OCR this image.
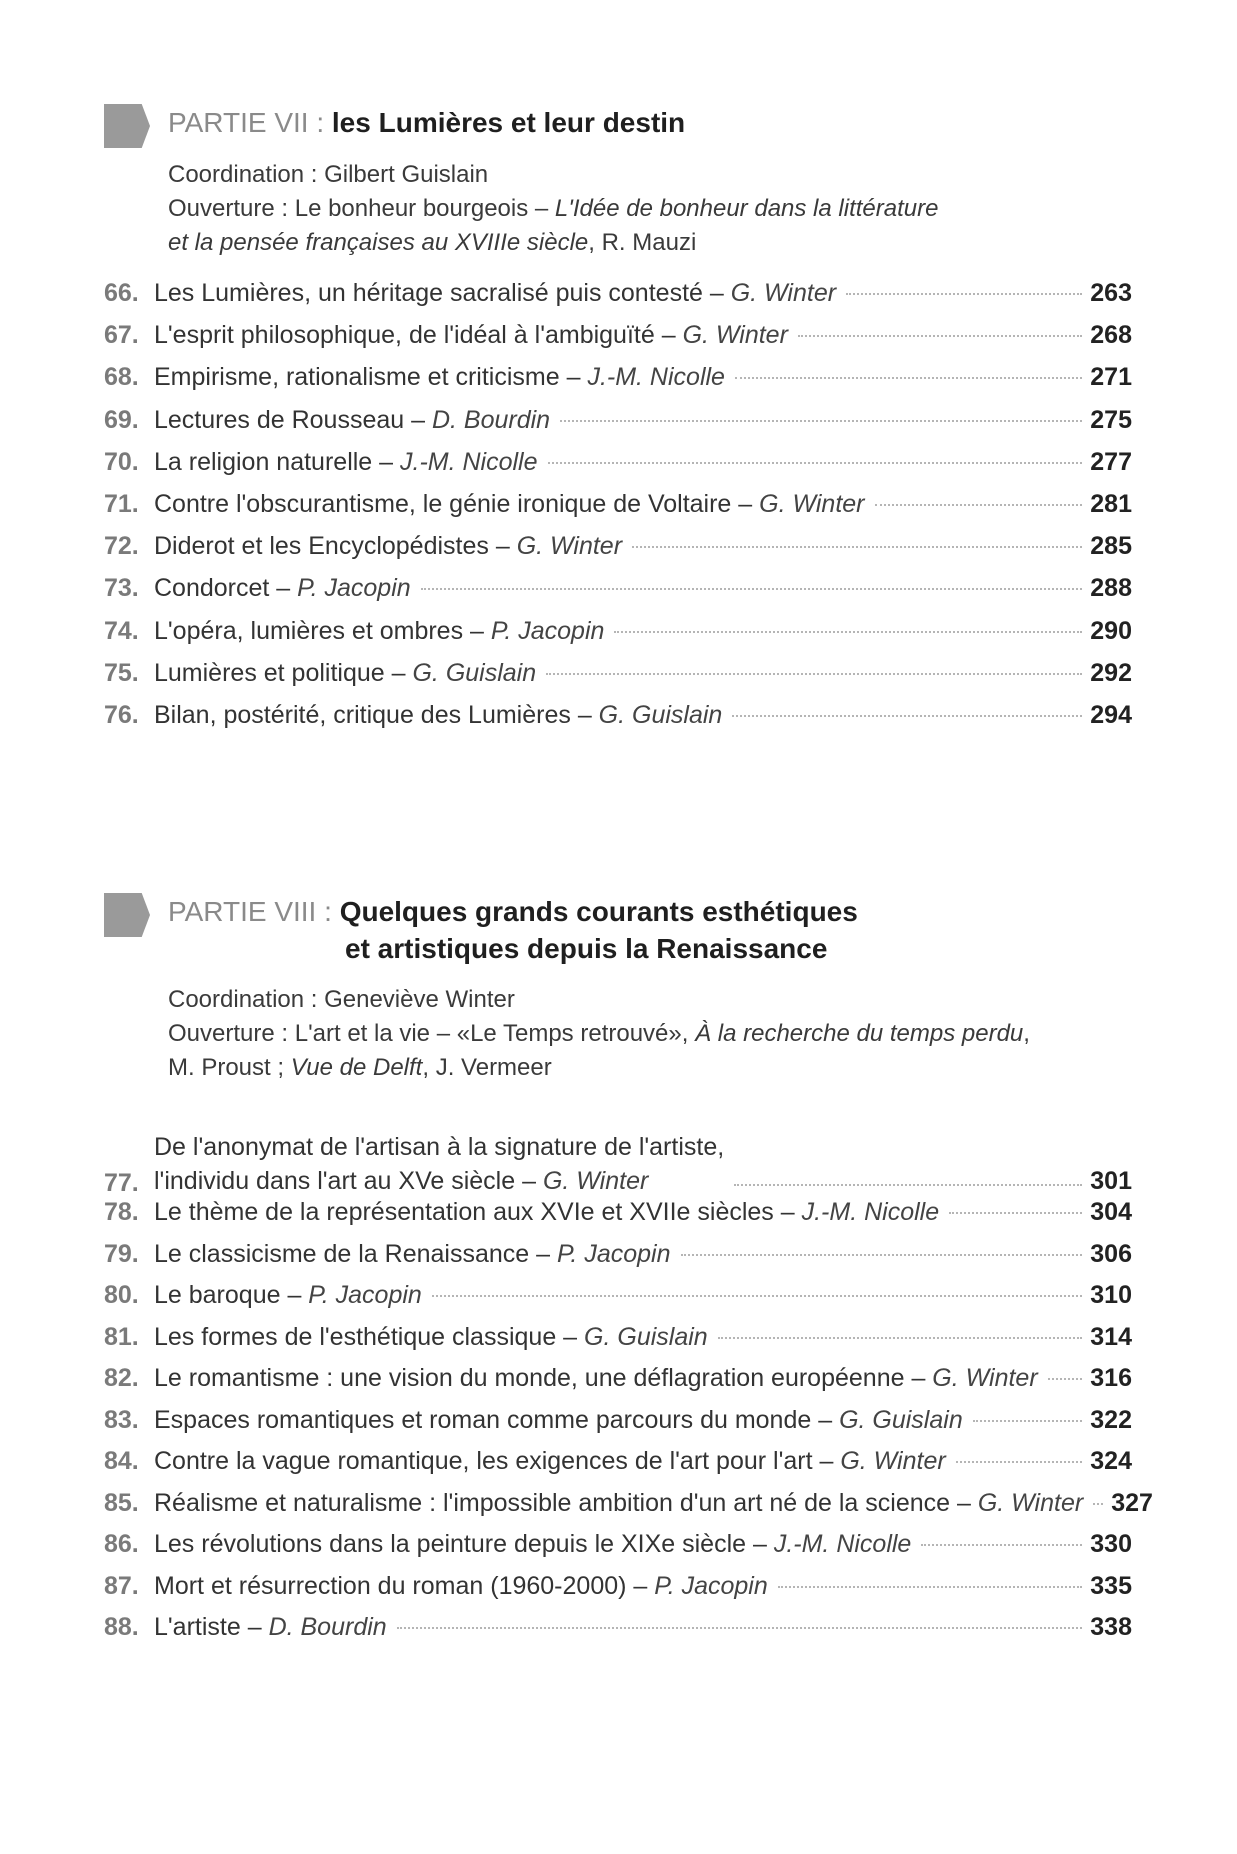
PARTIE VII : les Lumières et leur destin
Coordination : Gilbert Guislain
Ouverture : Le bonheur bourgeois – L'Idée de bonheur dans la littérature
et la pensée françaises au XVIIIe siècle, R. Mauzi
66. Les Lumières, un héritage sacralisé puis contesté – G. Winter	263
67. L'esprit philosophique, de l'idéal à l'ambiguïté – G. Winter	268
68. Empirisme, rationalisme et criticisme – J.-M. Nicolle	271
69. Lectures de Rousseau – D. Bourdin	275
70. La religion naturelle – J.-M. Nicolle	277
71. Contre l'obscurantisme, le génie ironique de Voltaire – G. Winter	281
72. Diderot et les Encyclopédistes – G. Winter	285
73. Condorcet – P. Jacopin	288
74. L'opéra, lumières et ombres – P. Jacopin	290
75. Lumières et politique – G. Guislain	292
76. Bilan, postérité, critique des Lumières – G. Guislain	294
PARTIE VIII : Quelques grands courants esthétiques
et artistiques depuis la Renaissance
Coordination : Geneviève Winter
Ouverture : L'art et la vie – «Le Temps retrouvé», À la recherche du temps perdu,
M. Proust ; Vue de Delft, J. Vermeer
77.
De l'anonymat de l'artisan à la signature de l'artiste,
l'individu dans l'art au XVe siècle – G. Winter	301
78. Le thème de la représentation aux XVIe et XVIIe siècles – J.-M. Nicolle	304
79. Le classicisme de la Renaissance – P. Jacopin	306
80. Le baroque – P. Jacopin	310
81. Les formes de l'esthétique classique – G. Guislain	314
82. Le romantisme : une vision du monde, une déflagration européenne – G. Winter 316
83. Espaces romantiques et roman comme parcours du monde – G. Guislain	322
84. Contre la vague romantique, les exigences de l'art pour l'art – G. Winter	324
85. Réalisme et naturalisme : l'impossible ambition d'un art né de la science – G. Winter 327
86. Les révolutions dans la peinture depuis le XIXe siècle – J.-M. Nicolle	330
87. Mort et résurrection du roman (1960-2000) – P. Jacopin	335
88. L'artiste – D. Bourdin	338
